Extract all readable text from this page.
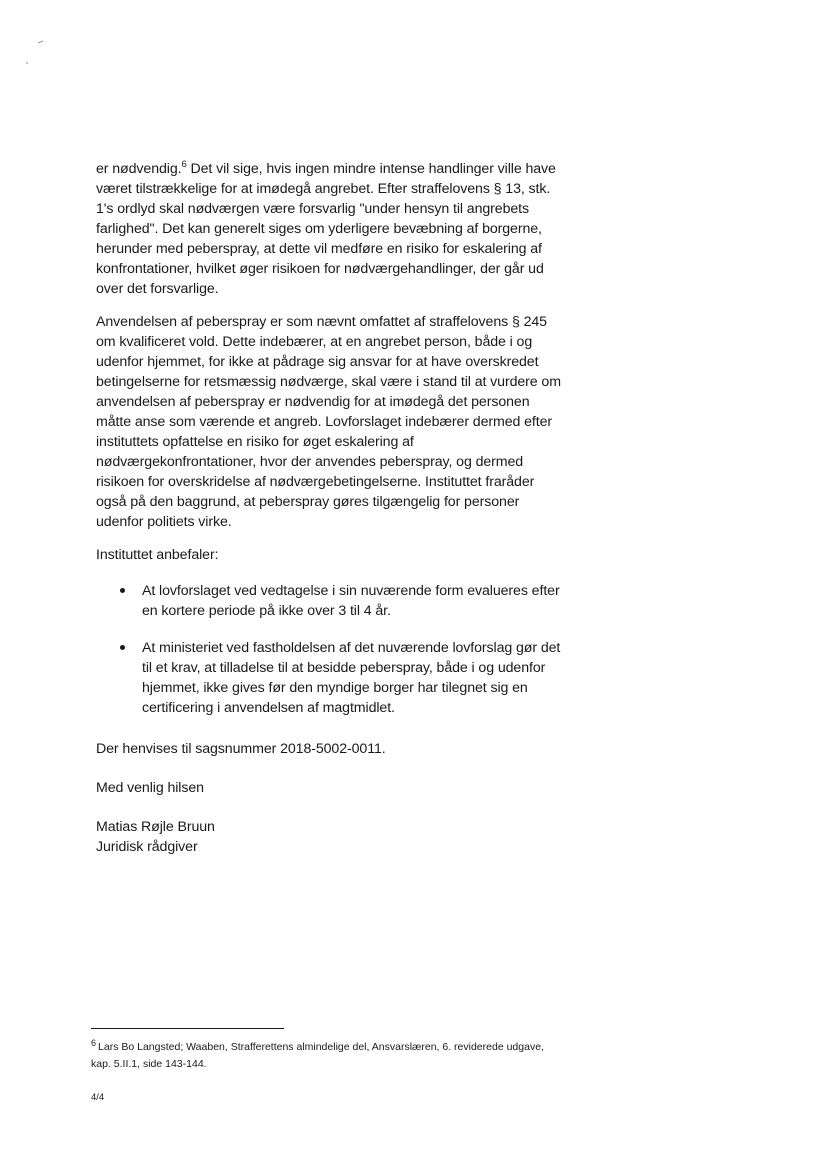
er nødvendig.$^6$ Det vil sige, hvis ingen mindre intense handlinger ville have været tilstrækkelige for at imødegå angrebet. Efter straffelovens § 13, stk. 1's ordlyd skal nødværgen være forsvarlig "under hensyn til angrebets farlighed". Det kan generelt siges om yderligere bevæbning af borgerne, herunder med peberspray, at dette vil medføre en risiko for eskalering af konfrontationer, hvilket øger risikoen for nødværgehandlinger, der går ud over det forsvarlige.

Anvendelsen af peberspray er som nævnt omfattet af straffelovens § 245 om kvalificeret vold. Dette indebærer, at en angrebet person, både i og udenfor hjemmet, for ikke at pådrage sig ansvar for at have overskredet betingelserne for retsmæssig nødværge, skal være i stand til at vurdere om anvendelsen af peberspray er nødvendig for at imødegå det personen måtte anse som værende et angreb. Lovforslaget indebærer dermed efter instituttets opfattelse en risiko for øget eskalering af nødværgekonfrontationer, hvor der anvendes peberspray, og dermed risikoen for overskridelse af nødværgebetingelserne. Instituttet fraråder også på den baggrund, at peberspray gøres tilgængelig for personer udenfor politiets virke.

Instituttet anbefaler:

At lovforslaget ved vedtagelse i sin nuværende form evalueres efter en kortere periode på ikke over 3 til 4 år.
At ministeriet ved fastholdelsen af det nuværende lovforslag gør det til et krav, at tilladelse til at besidde peberspray, både i og udenfor hjemmet, ikke gives før den myndige borger har tilegnet sig en certificering i anvendelsen af magtmidlet.

Der henvises til sagsnummer 2018-5002-0011.

Med venlig hilsen

Matias Røjle Bruun
Juridisk rådgiver
$^6$ Lars Bo Langsted; Waaben, Strafferettens almindelige del, Ansvarslæren, 6. reviderede udgave, kap. 5.II.1, side 143-144.
4/4
